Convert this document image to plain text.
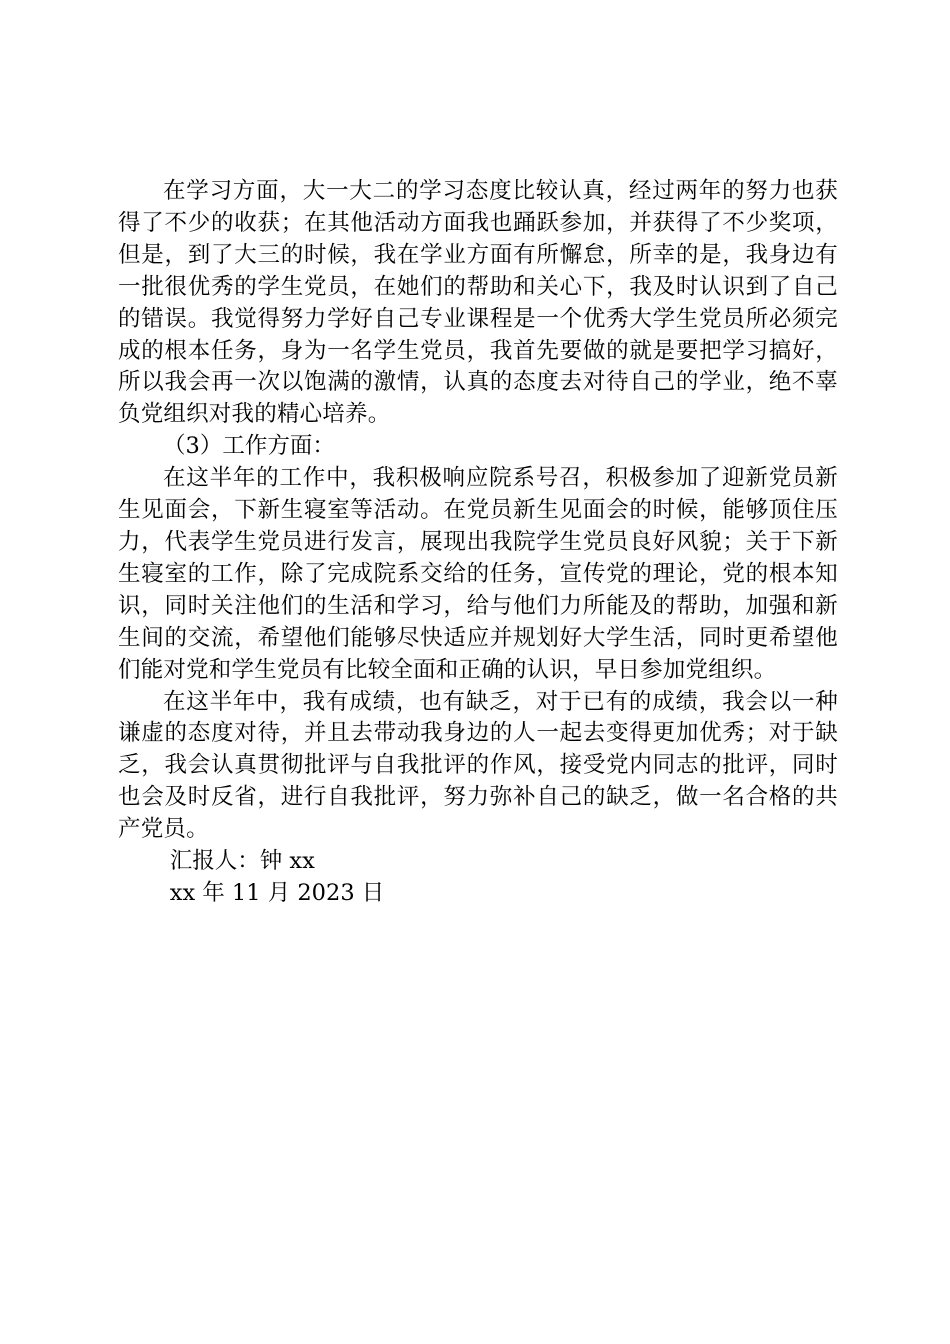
在学习方面，大一大二的学习态度比较认真，经过两年的努力也获得了不少的收获；在其他活动方面我也踊跃参加，并获得了不少奖项，但是，到了大三的时候，我在学业方面有所懈怠，所幸的是，我身边有一批很优秀的学生党员，在她们的帮助和关心下，我及时认识到了自己的错误。我觉得努力学好自己专业课程是一个优秀大学生党员所必须完成的根本任务，身为一名学生党员，我首先要做的就是要把学习搞好，所以我会再一次以饱满的激情，认真的态度去对待自己的学业，绝不辜负党组织对我的精心培养。

（3）工作方面：

在这半年的工作中，我积极响应院系号召，积极参加了迎新党员新生见面会，下新生寝室等活动。在党员新生见面会的时候，能够顶住压力，代表学生党员进行发言，展现出我院学生党员良好风貌；关于下新生寝室的工作，除了完成院系交给的任务，宣传党的理论，党的根本知识，同时关注他们的生活和学习，给与他们力所能及的帮助，加强和新生间的交流，希望他们能够尽快适应并规划好大学生活，同时更希望他们能对党和学生党员有比较全面和正确的认识，早日参加党组织。

在这半年中，我有成绩，也有缺乏，对于已有的成绩，我会以一种谦虚的态度对待，并且去带动我身边的人一起去变得更加优秀；对于缺乏，我会认真贯彻批评与自我批评的作风，接受党内同志的批评，同时也会及时反省，进行自我批评，努力弥补自己的缺乏，做一名合格的共产党员。

汇报人：钟 xx

xx 年 11 月 2023 日
